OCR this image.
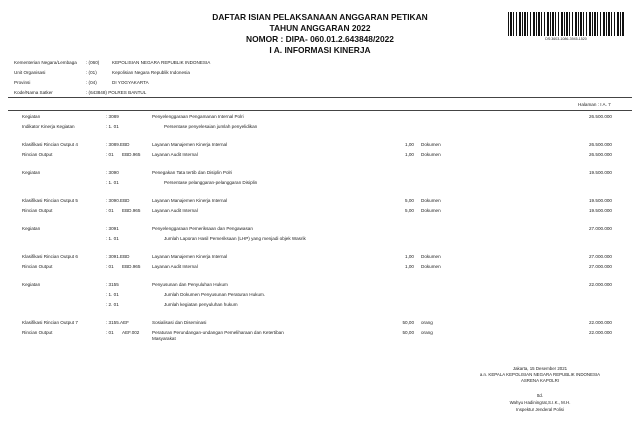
DAFTAR ISIAN PELAKSANAAN ANGGARAN PETIKAN
TAHUN ANGGARAN 2022
NOMOR : DIPA- 060.01.2.643848/2022
I A. INFORMASI KINERJA
DS:3603-1086-3945-1520
Kementerian Negara/Lembaga : (060)	KEPOLISIAN NEGARA REPUBLIK INDONESIA
Unit Organisasi	: (01)	Kepolisian Negara Republik Indonesia
Provinsi	: (04)	DI YOGYAKARTA
Kode/Nama Satker	: (643848) POLRES BANTUL
Halaman : I A. 7
Kegiatan	: 3089	Penyelenggaraan Pengamanan Internal Polri	26.500.000
Indikator Kinerja Kegiatan	: 1. 01	Persentase penyelesaian jumlah penyelidikan
Klasifikasi Rincian Output 4	: 3089.EBD	Layanan Manajemen Kinerja Internal	1,00 Dokumen	26.500.000
Rincian Output	: 01 EBD.965	Layanan Audit Internal	1,00 Dokumen	26.500.000
Kegiatan	: 3090	Penegakan Tata tertib dan Disiplin Polri	19.500.000
: 1. 01	Persentase pelanggaran-pelanggaran Disiplin
Klasifikasi Rincian Output 5	: 3090.EBD	Layanan Manajemen Kinerja Internal	5,00 Dokumen	19.500.000
Rincian Output	: 01 EBD.965	Layanan Audit Internal	5,00 Dokumen	19.500.000
Kegiatan	: 3091	Penyelenggaraan Pemeriksaan dan Pengawasan	27.000.000
: 1. 01	Jumlah Laporan Hasil Pemeriksaan (LHP) yang menjadi objek Wasrik
Klasifikasi Rincian Output 6	: 3091.EBD	Layanan Manajemen Kinerja Internal	1,00 Dokumen	27.000.000
Rincian Output	: 01 EBD.965	Layanan Audit Internal	1,00 Dokumen	27.000.000
Kegiatan	: 3155	Penyusunan dan Penyuluhan Hukum	22.000.000
: 1. 01	Jumlah Dokumen Penyusunan Peraturan Hukum.
: 2. 01	Jumlah kegiatan penyuluhan hukum
Klasifikasi Rincian Output 7	: 3155.AEF	Sosialisasi dan Diseminasi	50,00 orang	22.000.000
Rincian Output	: 01 AEF.002	Peraturan Perundangan-undangan Pemeliharaan dan Ketertiban	50,00 orang	22.000.000
Masyarakat
Jakarta, 15 Desember 2021
a.n. KEPALA KEPOLISIAN NEGARA REPUBLIK INDONESIA
ASRENA KAPOLRI
ttd.
Wahyu Hadiningrat,S.I.K., M.H.
Inspektur Jenderal Polisi
